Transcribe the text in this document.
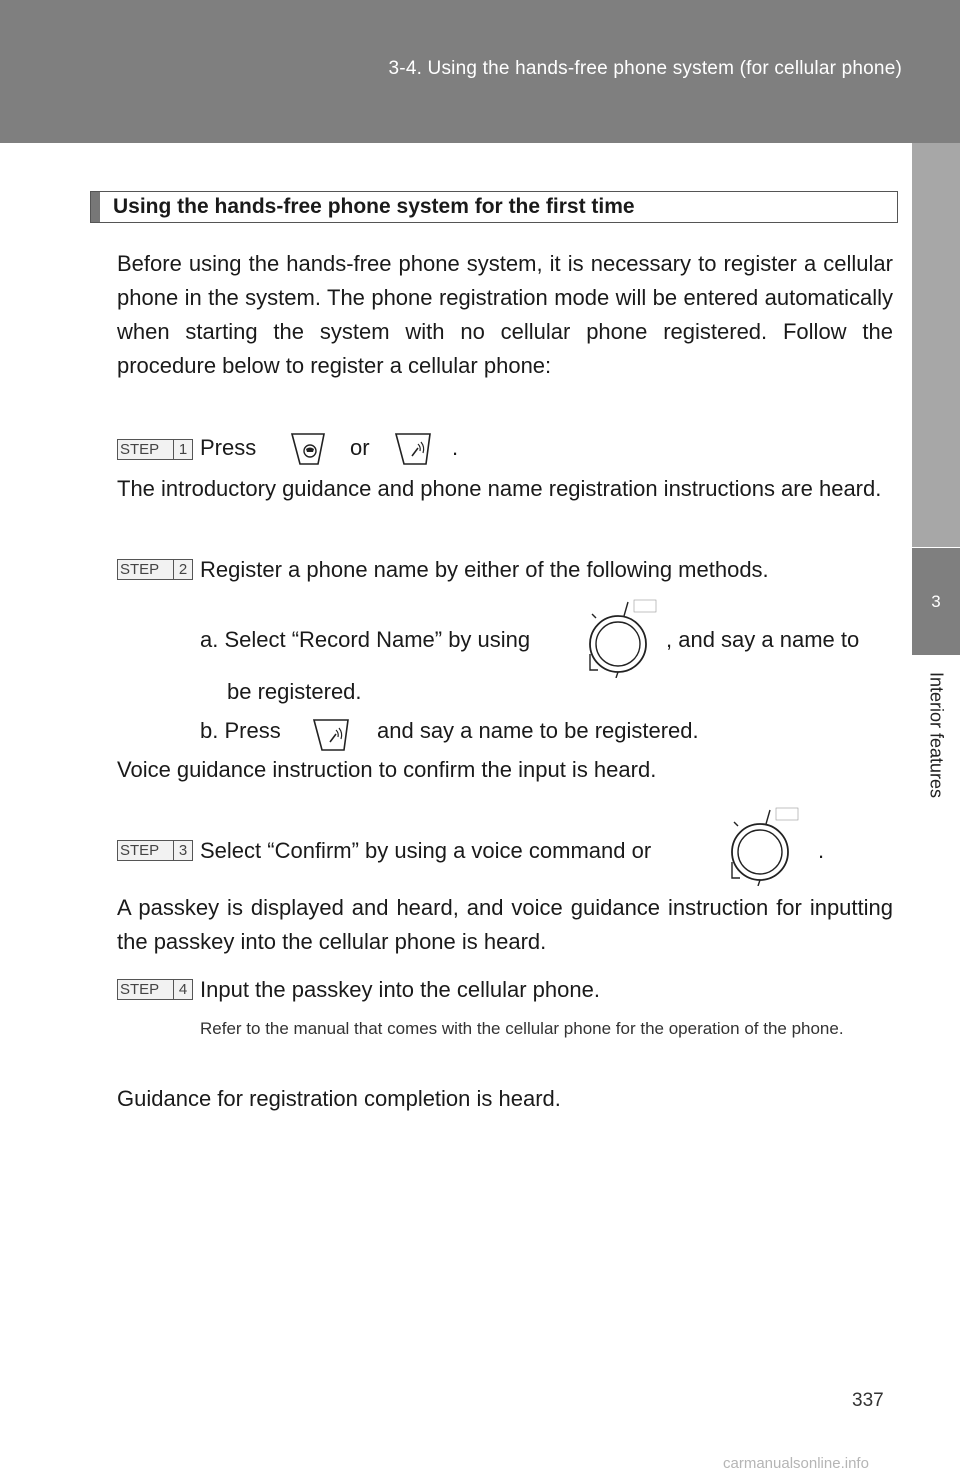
3-4. Using the hands-free phone system (for cellular phone)
3
Interior features
Using the hands-free phone system for the first time
Before using the hands-free phone system, it is necessary to register a cellular phone in the system. The phone registration mode will be entered automatically when starting the system with no cellular phone registered. Follow the procedure below to register a cellular phone:
STEP	1 Press	or	.
The introductory guidance and phone name registration instructions are heard.
STEP	2 Register a phone name by either of the following methods.
a. Select “Record Name” by using	, and say a name to
be registered.
b. Press	and say a name to be registered.
Voice guidance instruction to confirm the input is heard.
STEP	3 Select “Confirm” by using a voice command or	.
A passkey is displayed and heard, and voice guidance instruction for inputting the passkey into the cellular phone is heard.
STEP	4 Input the passkey into the cellular phone.
Refer to the manual that comes with the cellular phone for the operation of the phone.
Guidance for registration completion is heard.
337
carmanualsonline.info
